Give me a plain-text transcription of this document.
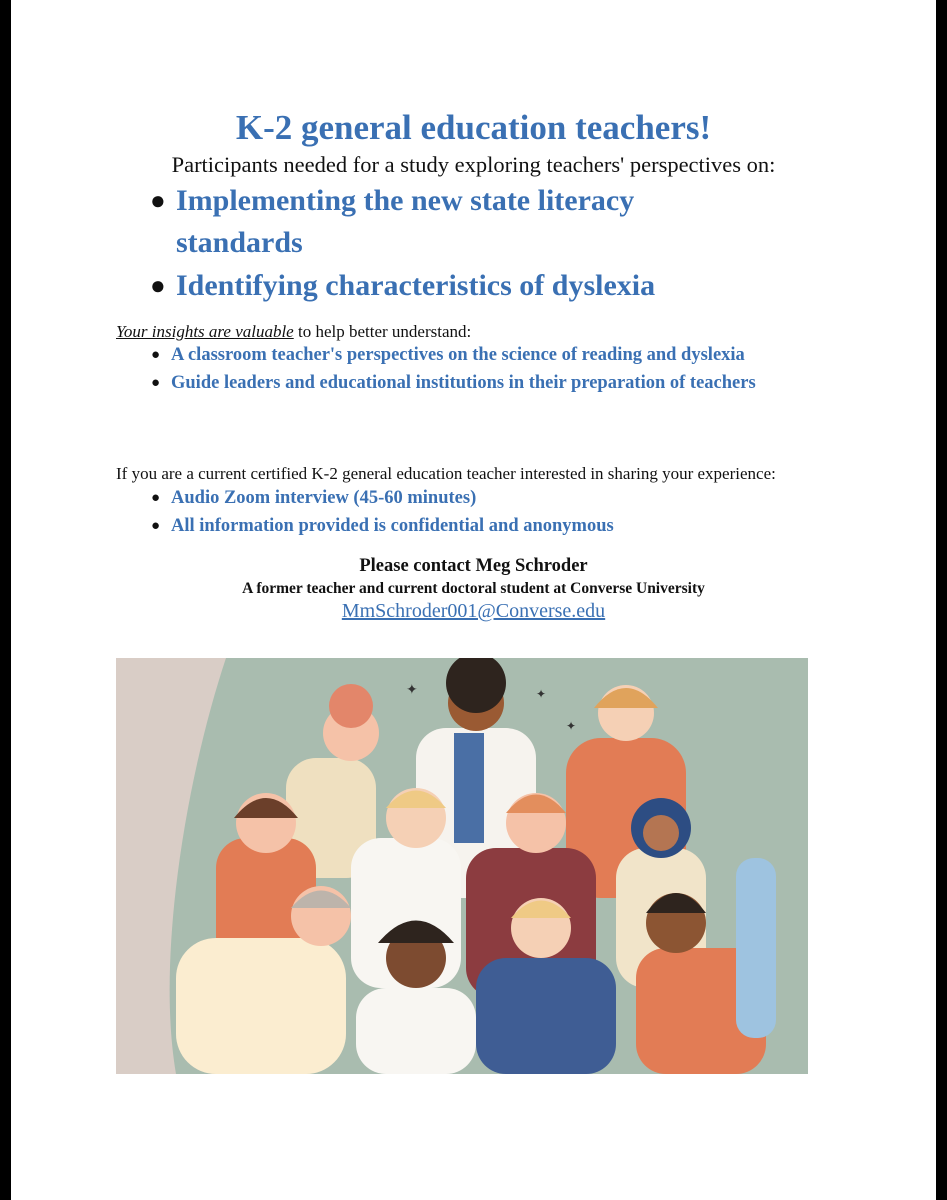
K-2 general education teachers!

Participants needed for a study exploring teachers' perspectives on:

● Implementing the new state literacy standards
● Identifying characteristics of dyslexia

Your insights are valuable to help better understand:

● A classroom teacher's perspectives on the science of reading and dyslexia
● Guide leaders and educational institutions in their preparation of teachers

If you are a current certified K-2 general education teacher interested in sharing your experience:

● Audio Zoom interview (45-60 minutes)
● All information provided is confidential and anonymous

Please contact Meg Schroder

A former teacher and current doctoral student at Converse University

MmSchroder001@Converse.edu

✦	✦
✦
